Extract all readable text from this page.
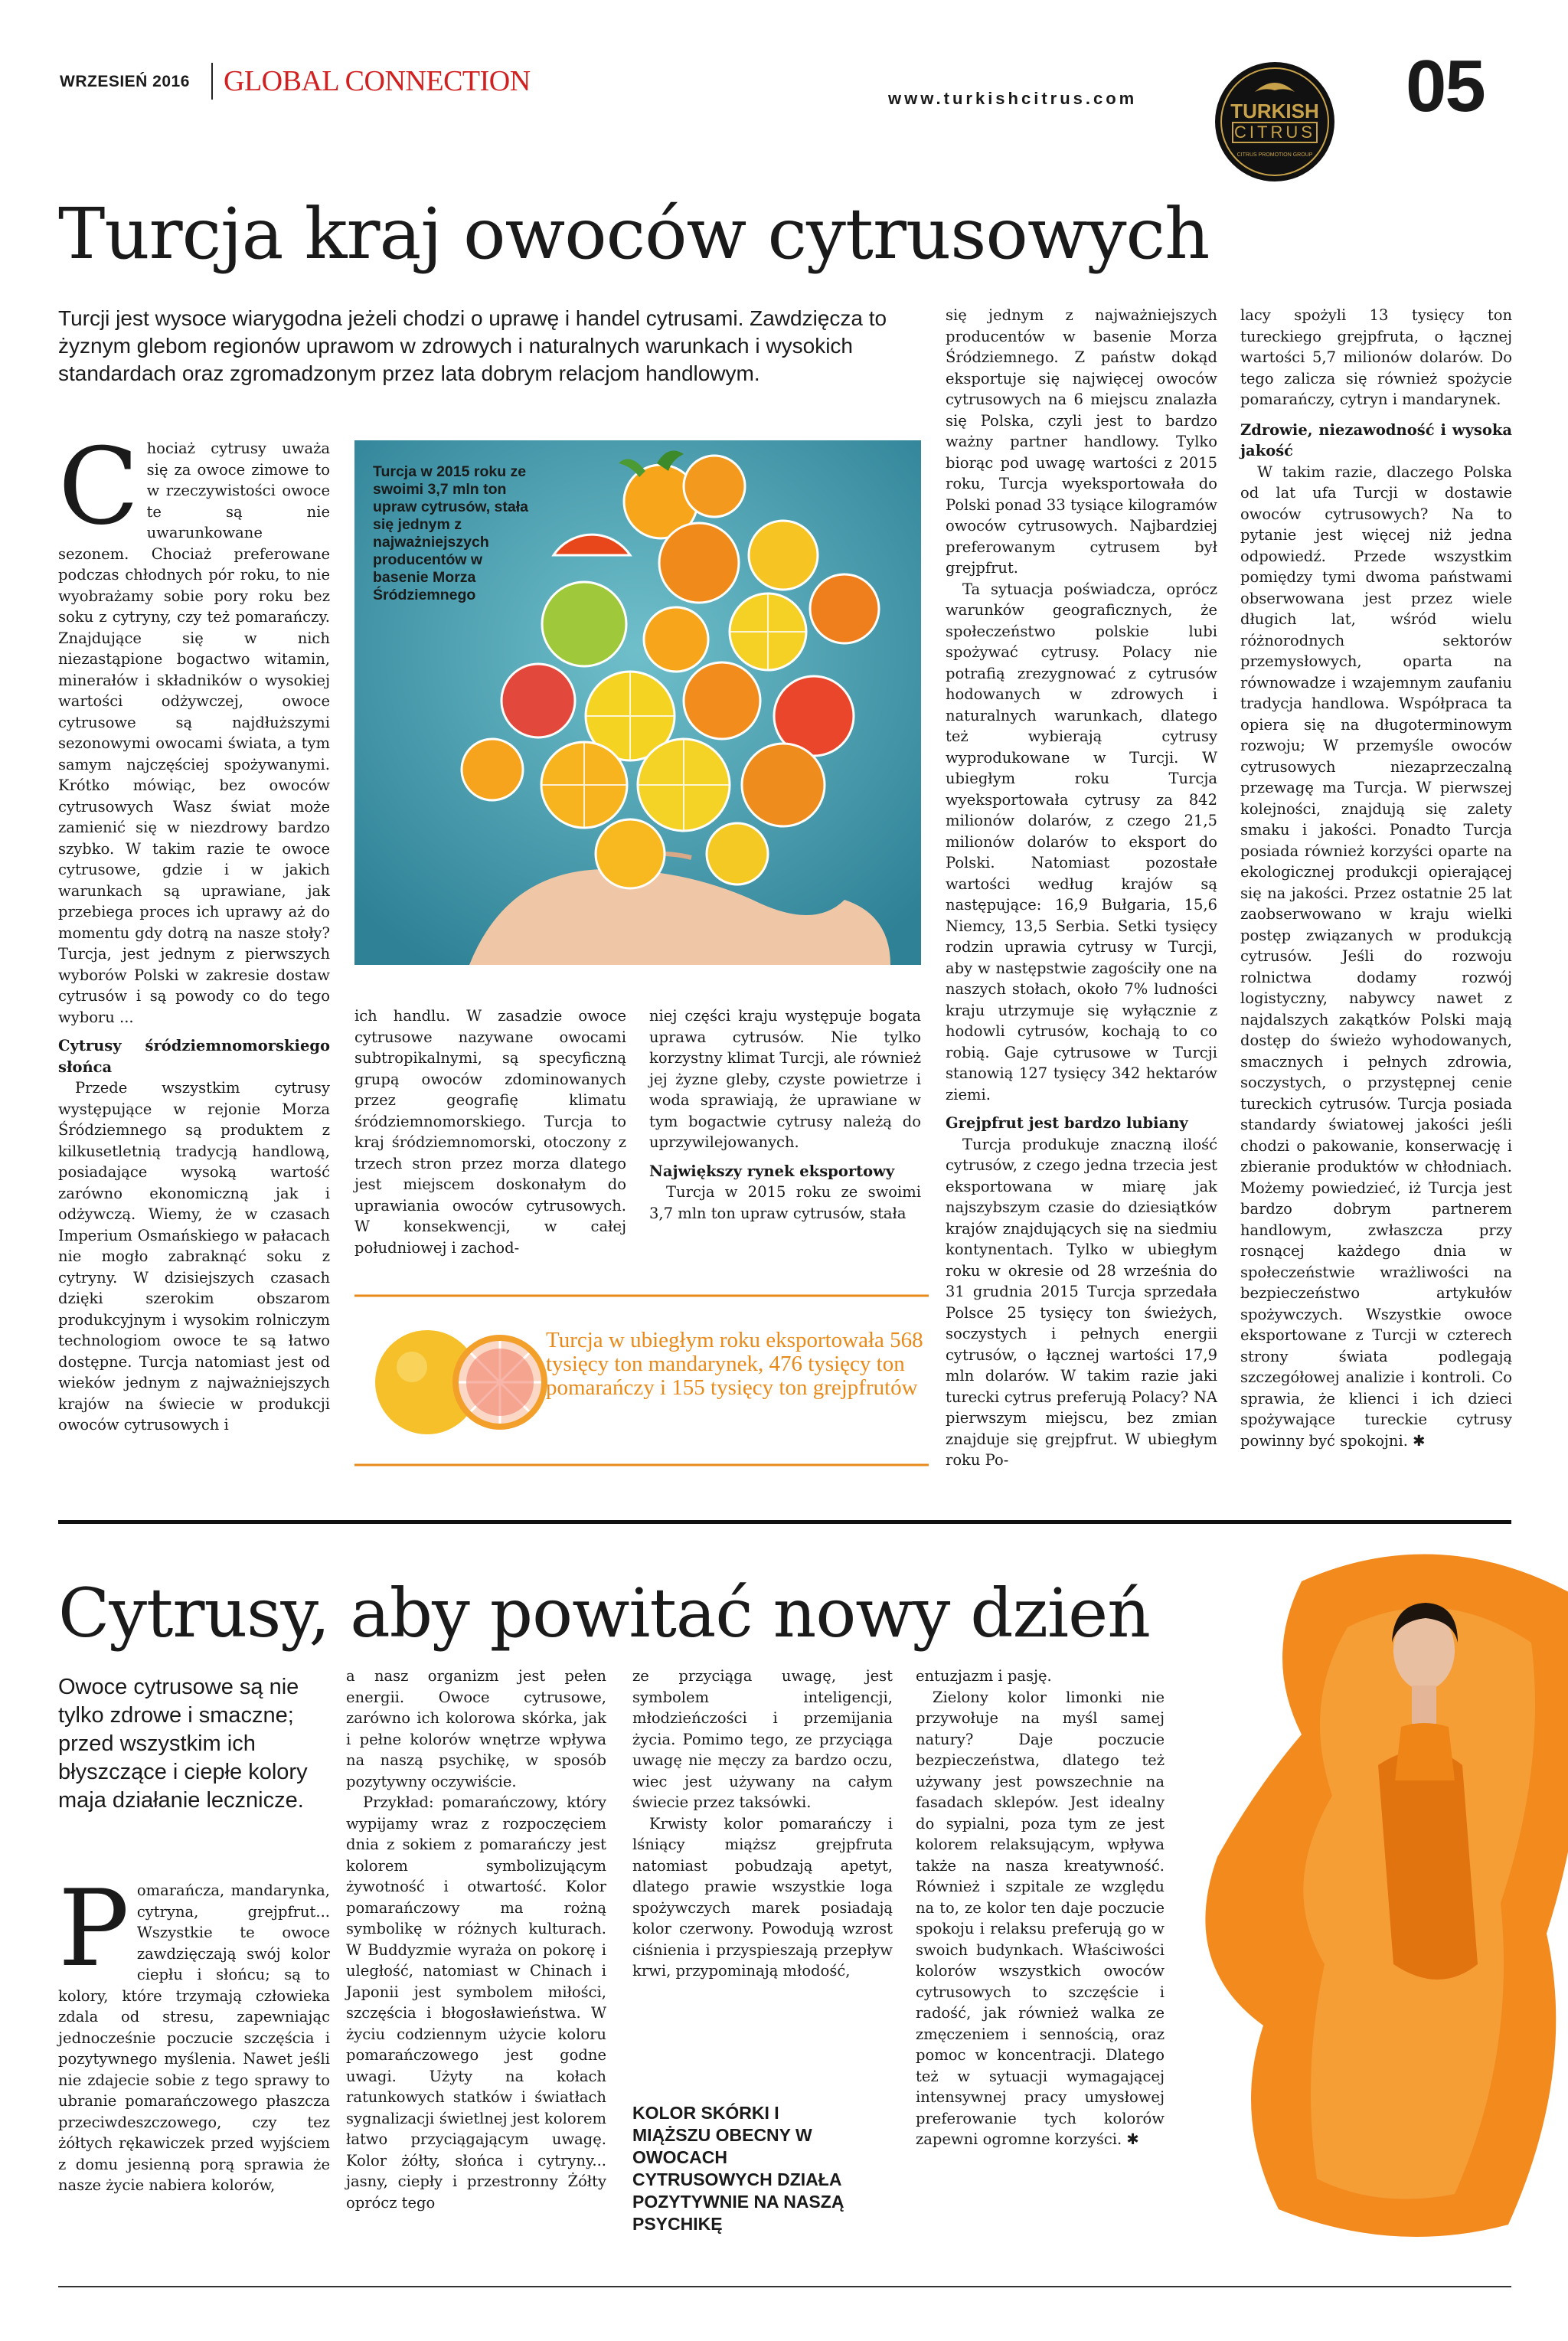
WRZESIEŃ 2016 GLOBAL CONNECTION
www.turkishcitrus.com
TURKISH
CITRUS
CITRUS PROMOTION GROUP
05
Turcja kraj owoców cytrusowych
Turcji jest wysoce wiarygodna jeżeli chodzi o uprawę i handel cytrusami. Zawdzięcza to żyznym glebom regionów uprawom w zdrowych i naturalnych warunkach i wysokich standardach oraz zgromadzonym przez lata dobrym relacjom handlowym.

Chociaż cytrusy uważa się za owoce zimowe to w rzeczywistości owoce te są nie uwarunkowane sezonem. Chociaż preferowane podczas chłodnych pór roku, to nie wyobrażamy sobie pory roku bez soku z cytryny, czy też pomarańczy. Znajdujące się w nich niezastąpione bogactwo witamin, minerałów i składników o wysokiej wartości odżywczej, owoce cytrusowe są najdłuższymi sezonowymi owocami świata, a tym samym najczęściej spożywanymi. Krótko mówiąc, bez owoców cytrusowych Wasz świat może zamienić się w niezdrowy bardzo szybko. W takim razie te owoce cytrusowe, gdzie i w jakich warunkach są uprawiane, jak przebiega proces ich uprawy aż do momentu gdy dotrą na nasze stoły? Turcja, jest jednym z pierwszych wyborów Polski w zakresie dostaw cytrusów i są powody co do tego wyboru ...

Cytrusy śródziemnomorskiego słońca

Przede wszystkim cytrusy występujące w rejonie Morza Śródziemnego są produktem z kilkusetletnią tradycją handlową, posiadające wysoką wartość zarówno ekonomiczną jak i odżywczą. Wiemy, że w czasach Imperium Osmańskiego w pałacach nie mogło zabraknąć soku z cytryny. W dzisiejszych czasach dzięki szerokim obszarom produkcyjnym i wysokim rolniczym technologiom owoce te są łatwo dostępne. Turcja natomiast jest od wieków jednym z najważniejszych krajów na świecie w produkcji owoców cytrusowych i

Turcja w 2015 roku ze swoimi 3,7 mln ton upraw cytrusów, stała się jednym z najważniejszych producentów w basenie Morza Śródziemnego

ich handlu. W zasadzie owoce cytrusowe nazywane owocami subtropikalnymi, są specyficzną grupą owoców zdominowanych przez geografię klimatu śródziemnomorskiego. Turcja to kraj śródziemnomorski, otoczony z trzech stron przez morza dlatego jest miejscem doskonałym do uprawiania owoców cytrusowych. W konsekwencji, w całej południowej i zachod-

niej części kraju występuje bogata uprawa cytrusów. Nie tylko korzystny klimat Turcji, ale również jej żyzne gleby, czyste powietrze i woda sprawiają, że uprawiane w tym bogactwie cytrusy należą do uprzywilejowanych.

Największy rynek eksportowy

Turcja w 2015 roku ze swoimi 3,7 mln ton upraw cytrusów, stała

Turcja w ubiegłym roku eksportowała 568 tysięcy ton mandarynek, 476 tysięcy ton pomarańczy i 155 tysięcy ton grejpfrutów

się jednym z najważniejszych producentów w basenie Morza Śródziemnego. Z państw dokąd eksportuje się najwięcej owoców cytrusowych na 6 miejscu znalazła się Polska, czyli jest to bardzo ważny partner handlowy. Tylko biorąc pod uwagę wartości z 2015 roku, Turcja wyeksportowała do Polski ponad 33 tysiące kilogramów owoców cytrusowych. Najbardziej preferowanym cytrusem był grejpfrut.

Ta sytuacja poświadcza, oprócz warunków geograficznych, że społeczeństwo polskie lubi spożywać cytrusy. Polacy nie potrafią zrezygnować z cytrusów hodowanych w zdrowych i naturalnych warunkach, dlatego też wybierają cytrusy wyprodukowane w Turcji. W ubiegłym roku Turcja wyeksportowała cytrusy za 842 milionów dolarów, z czego 21,5 milionów dolarów to eksport do Polski. Natomiast pozostałe wartości według krajów są następujące: 16,9 Bułgaria, 15,6 Niemcy, 13,5 Serbia. Setki tysięcy rodzin uprawia cytrusy w Turcji, aby w następstwie zagościły one na naszych stołach, około 7% ludności kraju utrzymuje się wyłącznie z hodowli cytrusów, kochają to co robią. Gaje cytrusowe w Turcji stanowią 127 tysięcy 342 hektarów ziemi.

Grejpfrut jest bardzo lubiany

Turcja produkuje znaczną ilość cytrusów, z czego jedna trzecia jest eksportowana w miarę jak najszybszym czasie do dziesiątków krajów znajdujących się na siedmiu kontynentach. Tylko w ubiegłym roku w okresie od 28 września do 31 grudnia 2015 Turcja sprzedała Polsce 25 tysięcy ton świeżych, soczystych i pełnych energii cytrusów, o łącznej wartości 17,9 mln dolarów. W takim razie jaki turecki cytrus preferują Polacy? NA pierwszym miejscu, bez zmian znajduje się grejpfrut. W ubiegłym roku Po-

lacy spożyli 13 tysięcy ton tureckiego grejpfruta, o łącznej wartości 5,7 milionów dolarów. Do tego zalicza się również spożycie pomarańczy, cytryn i mandarynek.

Zdrowie, niezawodność i wysoka jakość

W takim razie, dlaczego Polska od lat ufa Turcji w dostawie owoców cytrusowych? Na to pytanie jest więcej niż jedna odpowiedź. Przede wszystkim pomiędzy tymi dwoma państwami obserwowana jest przez wiele długich lat, wśród wielu różnorodnych sektorów przemysłowych, oparta na równowadze i wzajemnym zaufaniu tradycja handlowa. Współpraca ta opiera się na długoterminowym rozwoju; W przemyśle owoców cytrusowych niezaprzeczalną przewagę ma Turcja. W pierwszej kolejności, znajdują się zalety smaku i jakości. Ponadto Turcja posiada również korzyści oparte na ekologicznej produkcji opierającej się na jakości. Przez ostatnie 25 lat zaobserwowano w kraju wielki postęp związanych w produkcją cytrusów. Jeśli do rozwoju rolnictwa dodamy rozwój logistyczny, nabywcy nawet z najdalszych zakątków Polski mają dostęp do świeżo wyhodowanych, smacznych i pełnych zdrowia, soczystych, o przystępnej cenie tureckich cytrusów. Turcja posiada standardy światowej jakości jeśli chodzi o pakowanie, konserwację i zbieranie produktów w chłodniach. Możemy powiedzieć, iż Turcja jest bardzo dobrym partnerem handlowym, zwłaszcza przy rosnącej każdego dnia w społeczeństwie wrażliwości na bezpieczeństwo artykułów spożywczych. Wszystkie owoce eksportowane z Turcji w czterech strony świata podlegają szczegółowej analizie i kontroli. Co sprawia, że klienci i ich dzieci spożywające tureckie cytrusy powinny być spokojni. ✱

Cytrusy, aby powitać nowy dzień
Owoce cytrusowe są nie tylko zdrowe i smaczne; przed wszystkim ich błyszczące i ciepłe kolory maja działanie lecznicze.

Pomarańcza, mandarynka, cytryna, grejpfrut... Wszystkie te owoce zawdzięczają swój kolor ciepłu i słońcu; są to kolory, które trzymają człowieka zdala od stresu, zapewniając jednocześnie poczucie szczęścia i pozytywnego myślenia. Nawet jeśli nie zdajecie sobie z tego sprawy to ubranie pomarańczowego płaszcza przeciwdeszczowego, czy tez żółtych rękawiczek przed wyjściem z domu jesienną porą sprawia że nasze życie nabiera kolorów,

a nasz organizm jest pełen energii. Owoce cytrusowe, zarówno ich kolorowa skórka, jak i pełne kolorów wnętrze wpływa na naszą psychikę, w sposób pozytywny oczywiście.

Przykład: pomarańczowy, który wypijamy wraz z rozpoczęciem dnia z sokiem z pomarańczy jest kolorem symbolizującym żywotność i otwartość. Kolor pomarańczowy ma rożną symbolikę w różnych kulturach. W Buddyzmie wyraża on pokorę i uległość, natomiast w Chinach i Japonii jest symbolem miłości, szczęścia i błogosławieństwa. W życiu codziennym użycie koloru pomarańczowego jest godne uwagi. Użyty na kołach ratunkowych statków i światłach sygnalizacji świetlnej jest kolorem łatwo przyciągającym uwagę. Kolor żółty, słońca i cytryny... jasny, ciepły i przestronny Żółty oprócz tego

ze przyciąga uwagę, jest symbolem inteligencji, młodzieńczości i przemijania życia. Pomimo tego, ze przyciąga uwagę nie męczy za bardzo oczu, wiec jest używany na całym świecie przez taksówki.

Krwisty kolor pomarańczy i lśniący miąższ grejpfruta natomiast pobudzają apetyt, dlatego prawie wszystkie loga spożywczych marek posiadają kolor czerwony. Powodują wzrost ciśnienia i przyspieszają przepływ krwi, przypominają młodość,

KOLOR SKÓRKI I MIĄŻSZU OBECNY W OWOCACH CYTRUSOWYCH DZIAŁA POZYTYWNIE NA NASZĄ PSYCHIKĘ

entuzjazm i pasję.

Zielony kolor limonki nie przywołuje na myśl samej natury? Daje poczucie bezpieczeństwa, dlatego też używany jest powszechnie na fasadach sklepów. Jest idealny do sypialni, poza tym ze jest kolorem relaksującym, wpływa także na nasza kreatywność. Również i szpitale ze względu na to, ze kolor ten daje poczucie spokoju i relaksu preferują go w swoich budynkach. Właściwości kolorów wszystkich owoców cytrusowych to szczęście i radość, jak również walka ze zmęczeniem i sennością, oraz pomoc w koncentracji. Dlatego też w sytuacji wymagającej intensywnej pracy umysłowej preferowanie tych kolorów zapewni ogromne korzyści. ✱
